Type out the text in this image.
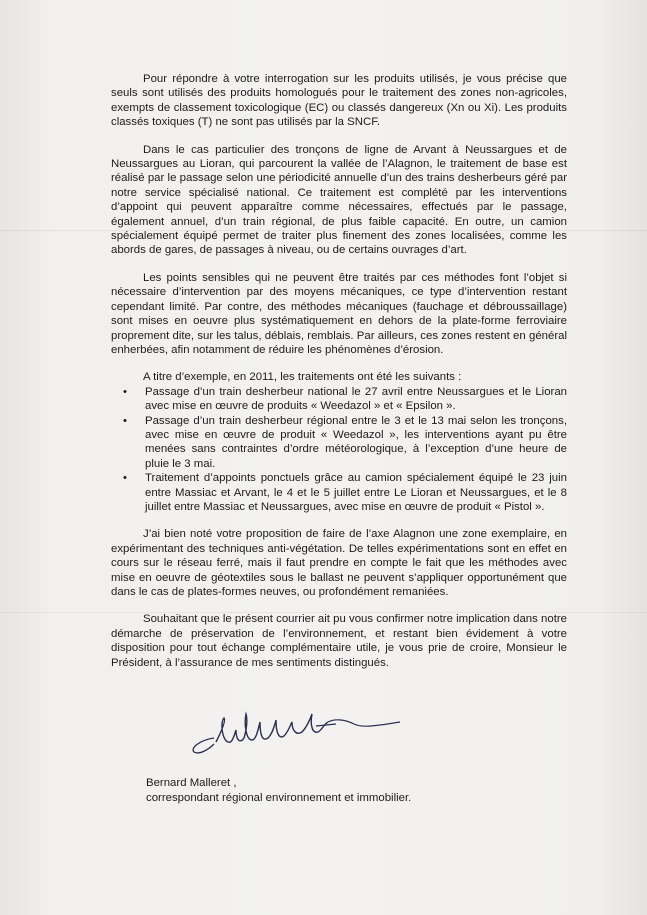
Pour répondre à votre interrogation sur les produits utilisés, je vous précise que seuls sont utilisés des produits homologués pour le traitement des zones non-agricoles, exempts de classement toxicologique (EC) ou classés dangereux (Xn ou Xi). Les produits classés toxiques (T) ne sont pas utilisés par la SNCF.

Dans le cas particulier des tronçons de ligne de Arvant à Neussargues et de Neussargues au Lioran, qui parcourent la vallée de l’Alagnon, le traitement de base est réalisé par le passage selon une périodicité annuelle d’un des trains desherbeurs géré par notre service spécialisé national. Ce traitement est complété par les interventions d’appoint qui peuvent apparaître comme nécessaires, effectués par le passage, également annuel, d’un train régional, de plus faible capacité. En outre, un camion spécialement équipé permet de traiter plus finement des zones localisées, comme les abords de gares, de passages à niveau, ou de certains ouvrages d’art.

Les points sensibles qui ne peuvent être traités par ces méthodes font l’objet si nécessaire d’intervention par des moyens mécaniques, ce type d’intervention restant cependant limité. Par contre, des méthodes mécaniques (fauchage et débroussaillage) sont mises en oeuvre plus systématiquement en dehors de la plate-forme ferroviaire proprement dite, sur les talus, déblais, remblais. Par ailleurs, ces zones restent en général enherbées, afin notamment de réduire les phénomènes d’érosion.

A titre d’exemple, en 2011, les traitements ont été les suivants :

• Passage d’un train desherbeur national le 27 avril entre Neussargues et le Lioran avec mise en œuvre de produits « Weedazol » et « Epsilon ».
• Passage d’un train desherbeur régional entre le 3 et le 13 mai selon les tronçons, avec mise en œuvre de produit « Weedazol », les interventions ayant pu être menées sans contraintes d’ordre météorologique, à l’exception d’une heure de pluie le 3 mai.
• Traitement d’appoints ponctuels grâce au camion spécialement équipé le 23 juin entre Massiac et Arvant, le 4 et le 5 juillet entre Le Lioran et Neussargues, et le 8 juillet entre Massiac et Neussargues, avec mise en œuvre de produit « Pistol ».

J’ai bien noté votre proposition de faire de l’axe Alagnon une zone exemplaire, en expérimentant des techniques anti-végétation. De telles expérimentations sont en effet en cours sur le réseau ferré, mais il faut prendre en compte le fait que les méthodes avec mise en oeuvre de géotextiles sous le ballast ne peuvent s’appliquer opportunément que dans le cas de plates-formes neuves, ou profondément remaniées.

Souhaitant que le présent courrier ait pu vous confirmer notre implication dans notre démarche de préservation de l’environnement, et restant bien évidement à votre disposition pour tout échange complémentaire utile, je vous prie de croire, Monsieur le Président, à l’assurance de mes sentiments distingués.

Bernard Malleret ,
correspondant régional environnement et immobilier.
